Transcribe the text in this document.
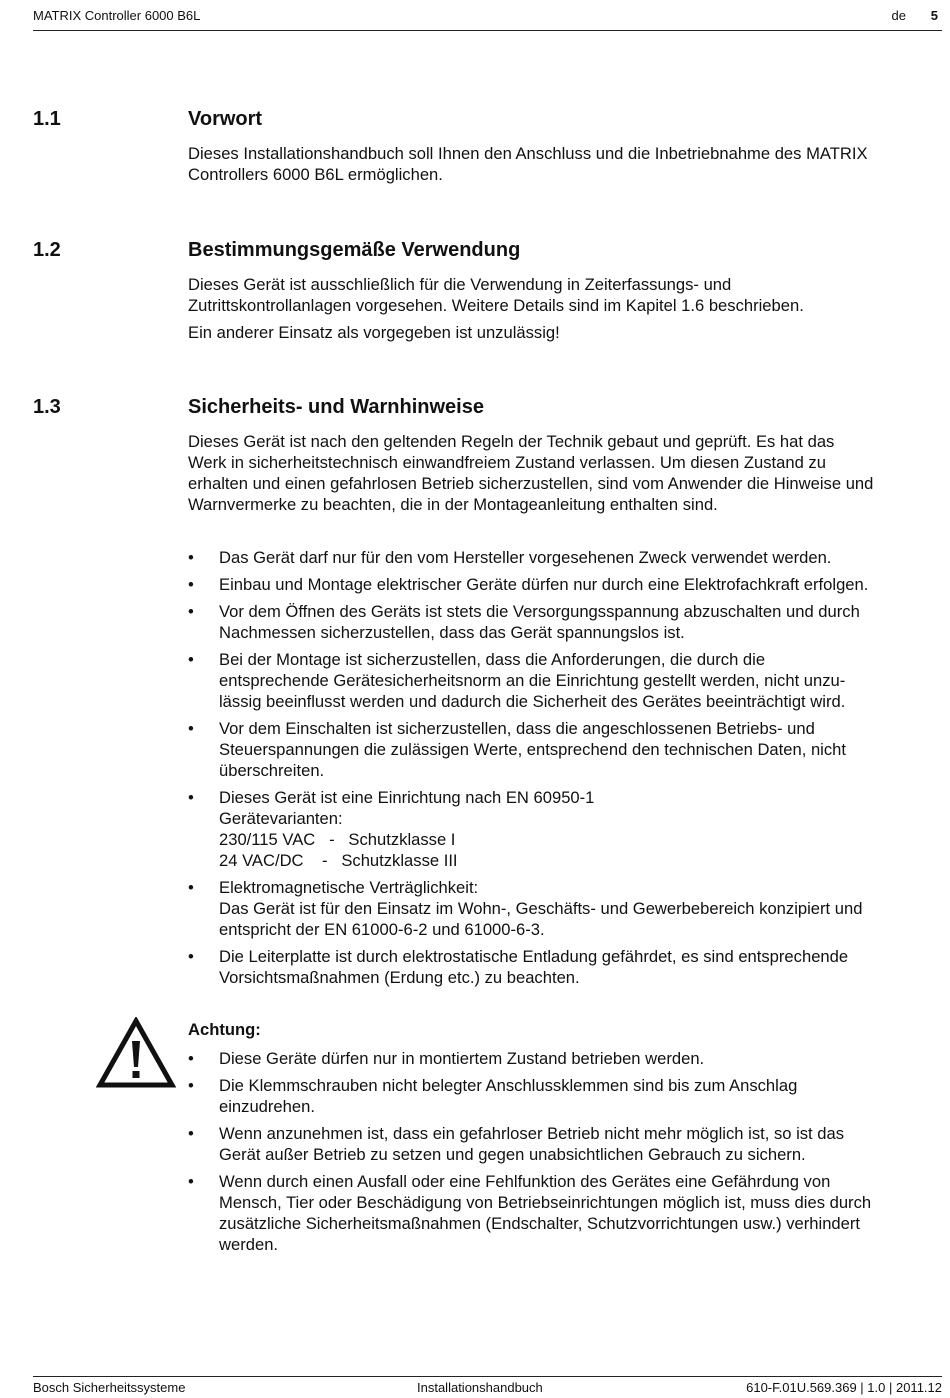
MATRIX Controller 6000 B6L	de 5
1.1	Vorwort

Dieses Installationshandbuch soll Ihnen den Anschluss und die Inbetriebnahme des MATRIX
Controllers 6000 B6L ermöglichen.

1.2	Bestimmungsgemäße Verwendung

Dieses Gerät ist ausschließlich für die Verwendung in Zeiterfassungs- und
Zutrittskontrollanlagen vorgesehen. Weitere Details sind im Kapitel 1.6 beschrieben.

Ein anderer Einsatz als vorgegeben ist unzulässig!

1.3	Sicherheits- und Warnhinweise

Dieses Gerät ist nach den geltenden Regeln der Technik gebaut und geprüft. Es hat das
Werk in sicherheitstechnisch einwandfreiem Zustand verlassen. Um diesen Zustand zu
erhalten und einen gefahrlosen Betrieb sicherzustellen, sind vom Anwender die Hinweise und
Warnvermerke zu beachten, die in der Montageanleitung enthalten sind.

• Das Gerät darf nur für den vom Hersteller vorgesehenen Zweck verwendet werden.
• Einbau und Montage elektrischer Geräte dürfen nur durch eine Elektrofachkraft erfolgen.
• Vor dem Öffnen des Geräts ist stets die Versorgungsspannung abzuschalten und durch
Nachmessen sicherzustellen, dass das Gerät spannungslos ist.
• Bei der Montage ist sicherzustellen, dass die Anforderungen, die durch die
entsprechende Gerätesicherheitsnorm an die Einrichtung gestellt werden, nicht unzu-
lässig beeinflusst werden und dadurch die Sicherheit des Gerätes beeinträchtigt wird.
• Vor dem Einschalten ist sicherzustellen, dass die angeschlossenen Betriebs- und
Steuerspannungen die zulässigen Werte, entsprechend den technischen Daten, nicht
überschreiten.
• Dieses Gerät ist eine Einrichtung nach EN 60950-1
Gerätevarianten:
230/115 VAC   -   Schutzklasse I
24 VAC/DC    -   Schutzklasse III
• Elektromagnetische Verträglichkeit:
Das Gerät ist für den Einsatz im Wohn-, Geschäfts- und Gewerbebereich konzipiert und
entspricht der EN 61000-6-2 und 61000-6-3.
• Die Leiterplatte ist durch elektrostatische Entladung gefährdet, es sind entsprechende
Vorsichtsmaßnahmen (Erdung etc.) zu beachten.
Achtung:
• Diese Geräte dürfen nur in montiertem Zustand betrieben werden.
• Die Klemmschrauben nicht belegter Anschlussklemmen sind bis zum Anschlag
einzudrehen.
• Wenn anzunehmen ist, dass ein gefahrloser Betrieb nicht mehr möglich ist, so ist das
Gerät außer Betrieb zu setzen und gegen unabsichtlichen Gebrauch zu sichern.
• Wenn durch einen Ausfall oder eine Fehlfunktion des Gerätes eine Gefährdung von
Mensch, Tier oder Beschädigung von Betriebseinrichtungen möglich ist, muss dies durch
zusätzliche Sicherheitsmaßnahmen (Endschalter, Schutzvorrichtungen usw.) verhindert
werden.
Bosch Sicherheitssysteme	Installationshandbuch	610-F.01U.569.369 | 1.0 | 2011.12
